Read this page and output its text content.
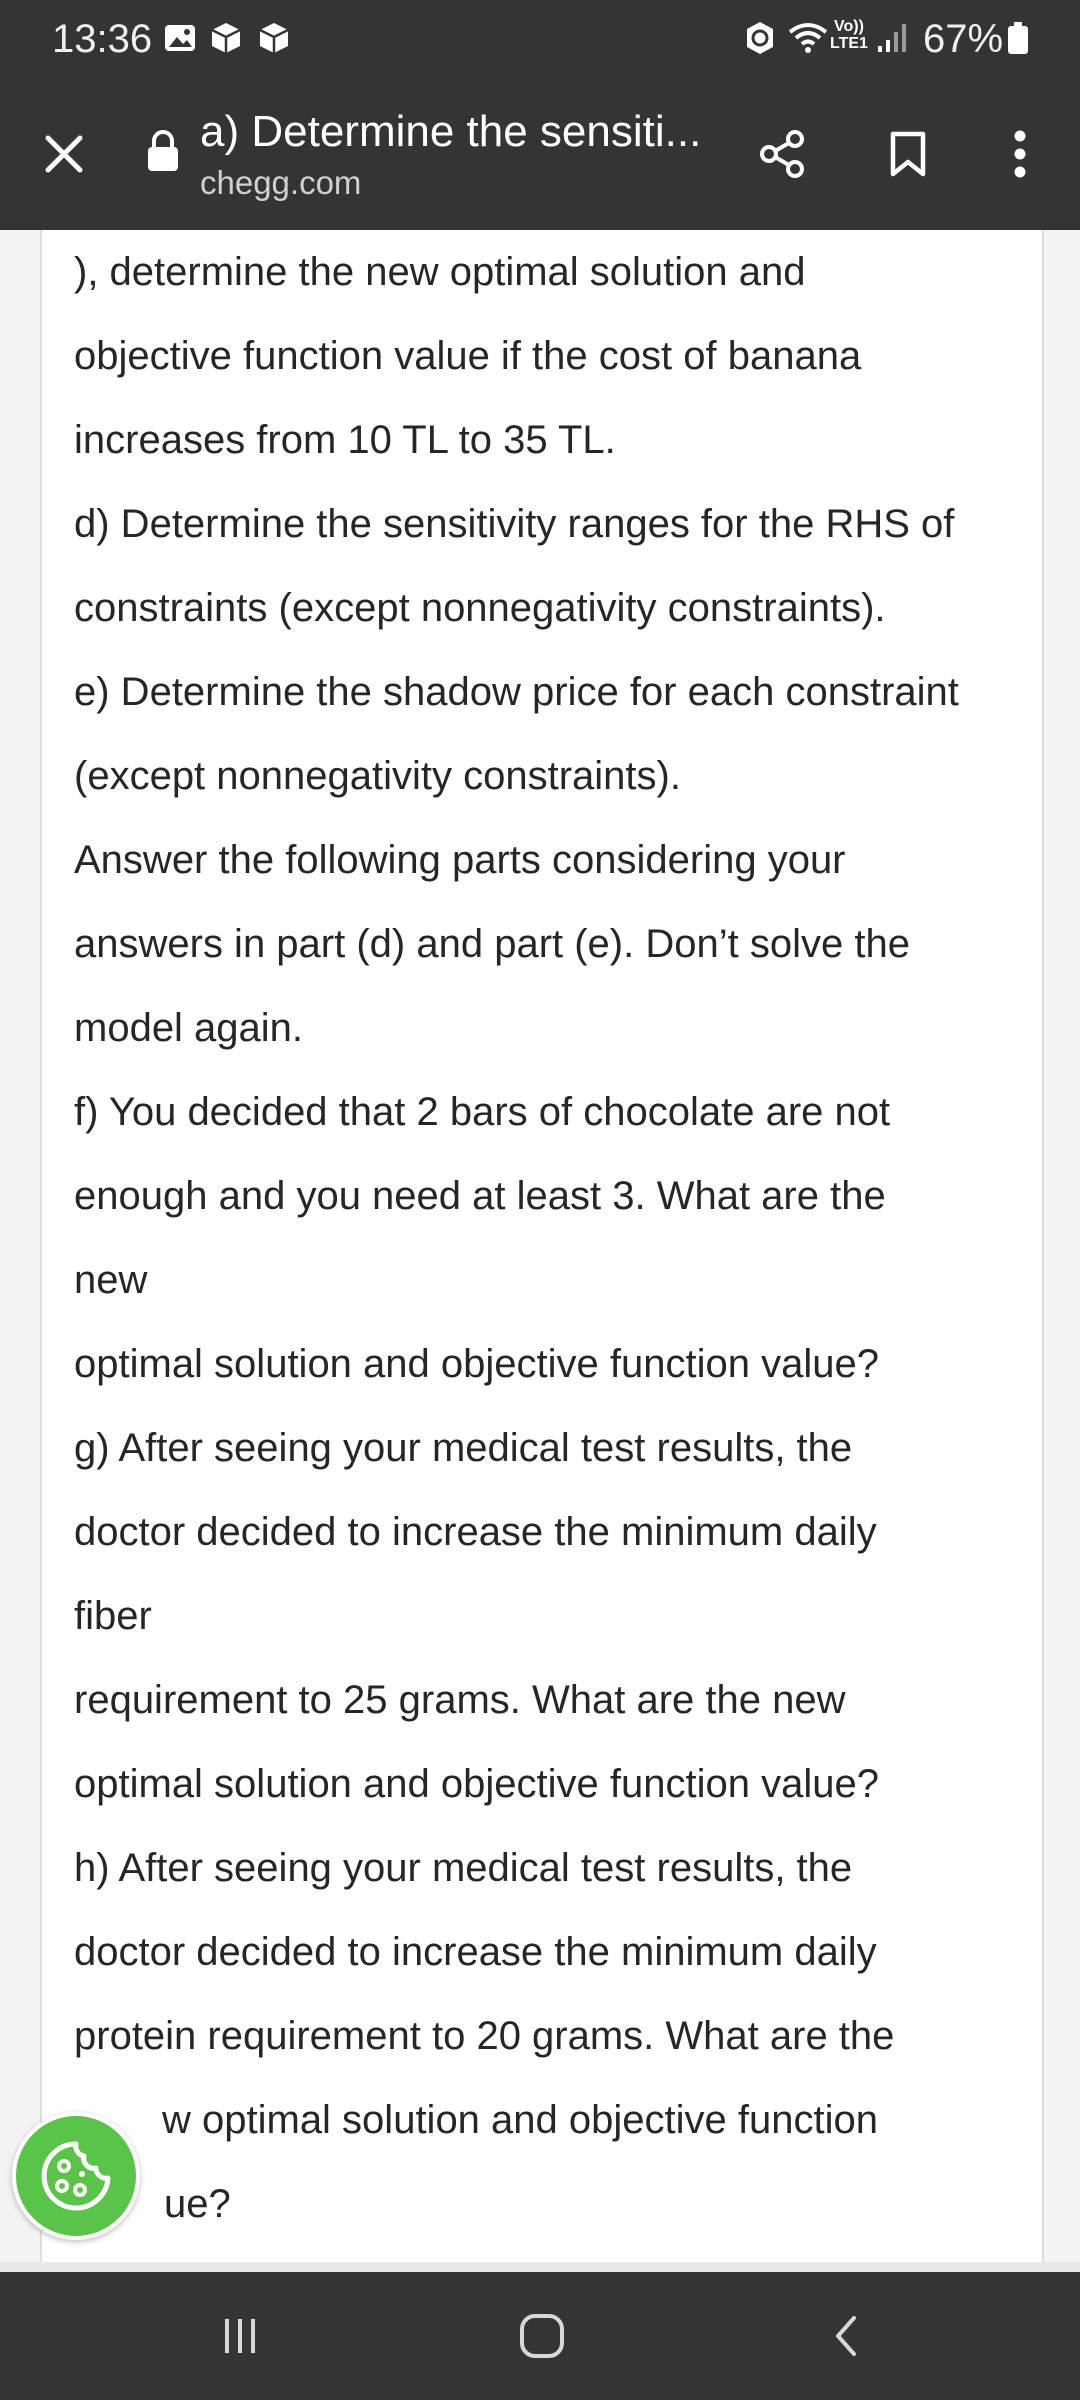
13:36	Vo))
LTE1 67%
a) Determine the sensiti...
chegg.com
), determine the new optimal solution and
objective function value if the cost of banana
increases from 10 TL to 35 TL.
d) Determine the sensitivity ranges for the RHS of
constraints (except nonnegativity constraints).
e) Determine the shadow price for each constraint
(except nonnegativity constraints).
Answer the following parts considering your
answers in part (d) and part (e). Don’t solve the
model again.
f) You decided that 2 bars of chocolate are not
enough and you need at least 3. What are the
new
optimal solution and objective function value?
g) After seeing your medical test results, the
doctor decided to increase the minimum daily
fiber
requirement to 25 grams. What are the new
optimal solution and objective function value?
h) After seeing your medical test results, the
doctor decided to increase the minimum daily
protein requirement to 20 grams. What are the
w optimal solution and objective function
ue?
